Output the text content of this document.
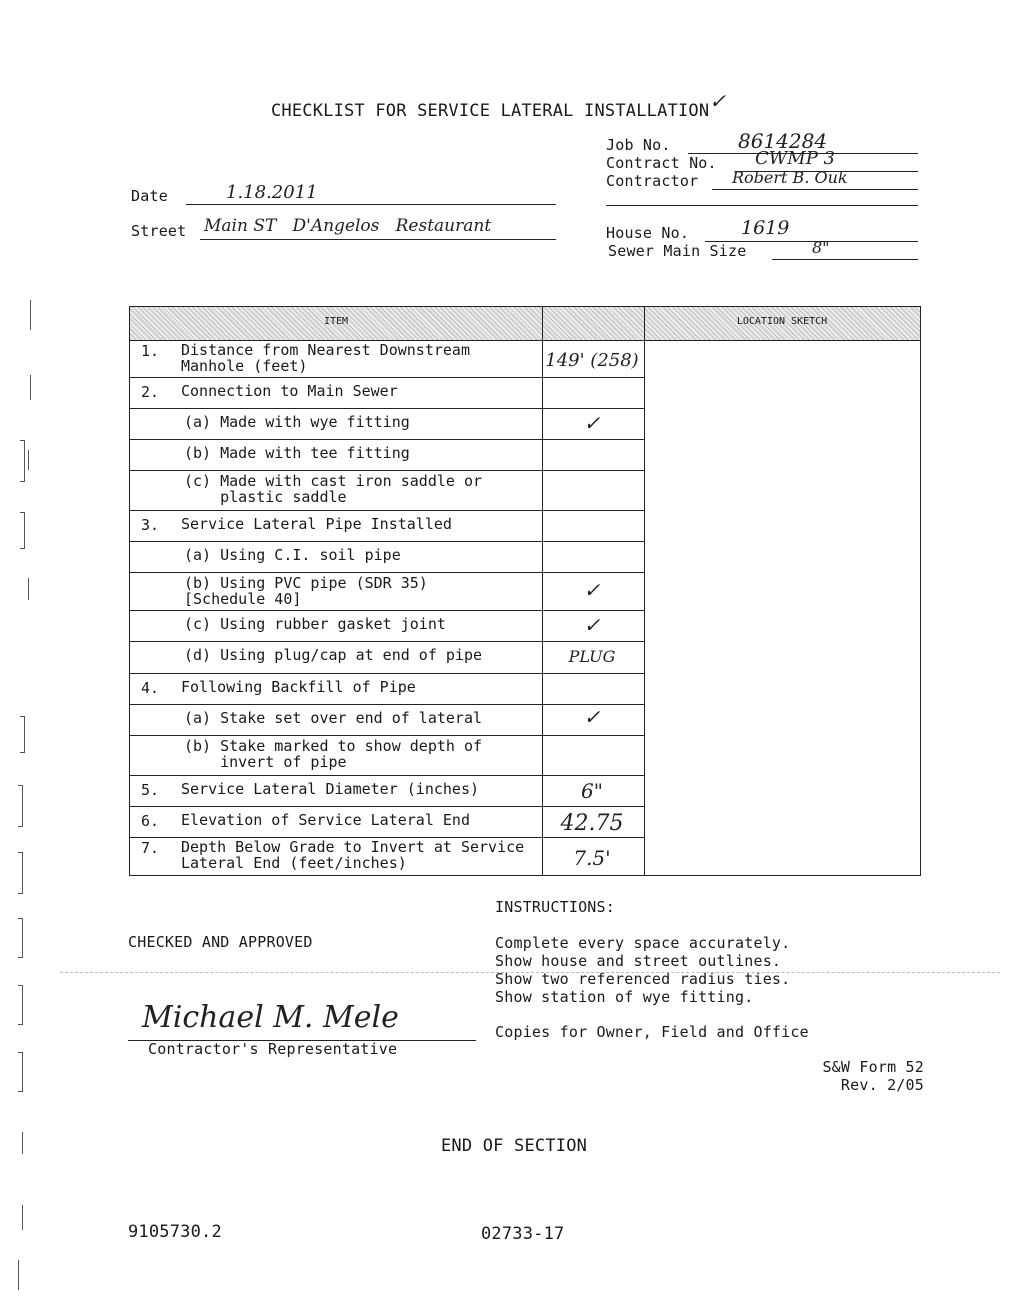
CHECKLIST FOR SERVICE LATERAL INSTALLATION✓
Job No.	8614284
Contract No. CWMP 3
Contractor Robert B. Ouk
Date	1.18.2011
Street Main ST   D'Angelos   Restaurant	House No.	1619
Sewer Main Size	8"
ITEM	LOCATION SKETCH
1. Distance from Nearest Downstream
Manhole (feet)	149' (258)
2. Connection to Main Sewer
(a) Made with wye fitting	✓
(b) Made with tee fitting
(c) Made with cast iron saddle or
plastic saddle
3. Service Lateral Pipe Installed
(a) Using C.I. soil pipe
(b) Using PVC pipe (SDR 35)
[Schedule 40]	✓
(c) Using rubber gasket joint	✓
(d) Using plug/cap at end of pipe	PLUG
4. Following Backfill of Pipe
(a) Stake set over end of lateral	✓
(b) Stake marked to show depth of
invert of pipe
5. Service Lateral Diameter (inches)	6"
6. Elevation of Service Lateral End	42.75
7. Depth Below Grade to Invert at Service
Lateral End (feet/inches)	7.5'
INSTRUCTIONS:
Complete every space accurately.
Show house and street outlines.
Show two referenced radius ties.
Show station of wye fitting.
Copies for Owner, Field and Office
CHECKED AND APPROVED
Michael M. Mele
Contractor's Representative
S&W Form 52
Rev. 2/05
END OF SECTION
9105730.2	02733-17
